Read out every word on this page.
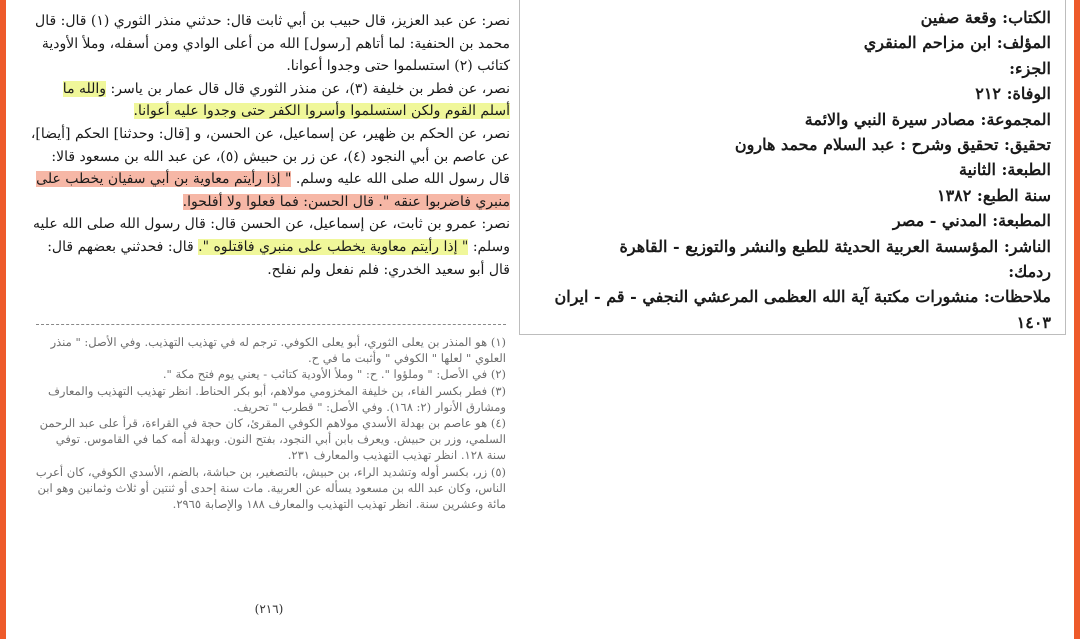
نصر: عن عبد العزيز، قال حبيب بن أبي ثابت قال: حدثني منذر الثوري (١) قال: قال محمد بن الحنفية: لما أتاهم [رسول] الله من أعلى الوادي ومن أسفله، وملأ الأودية كتائب (٢) استسلموا حتى وجدوا أعوانا.

نصر، عن فطر بن خليفة (٣)، عن منذر الثوري قال قال عمار بن ياسر: والله ما أسلم القوم ولكن استسلموا وأسروا الكفر حتى وجدوا عليه أعوانا.

نصر، عن الحكم بن ظهير، عن إسماعيل، عن الحسن، و [قال: وحدثنا] الحكم [أيضا]، عن عاصم بن أبي النجود (٤)، عن زر بن حبيش (٥)، عن عبد الله بن مسعود قالا: قال رسول الله صلى الله عليه وسلم. " إذا رأيتم معاوية بن أبي سفيان يخطب على منبري فاضربوا عنقه ". قال الحسن: فما فعلوا ولا أفلحوا.

نصر: عمرو بن ثابت، عن إسماعيل، عن الحسن قال: قال رسول الله صلى الله عليه وسلم: " إذا رأيتم معاوية يخطب على منبري فاقتلوه ". قال: فحدثني بعضهم قال: قال أبو سعيد الخدري: فلم نفعل ولم نفلح.

(١) هو المنذر بن يعلى الثوري، أبو يعلى الكوفي. ترجم له في تهذيب التهذيب. وفي الأصل: " منذر العلوي " لعلها " الكوفي " وأثبت ما في ح.

(٢) في الأصل: " وملؤوا ". ح: " وملأ الأودية كتائب - يعني يوم فتح مكة ".

(٣) فطر بكسر الفاء، بن خليفة المخزومي مولاهم، أبو بكر الحناط. انظر تهذيب التهذيب والمعارف ومشارق الأنوار (٢: ١٦٨). وفي الأصل: " قطرب " تحريف.

(٤) هو عاصم بن بهدلة الأسدي مولاهم الكوفي المقرئ، كان حجة في القراءة، قرأ على عبد الرحمن السلمي، وزر بن حبيش. ويعرف بابن أبي النجود، بفتح النون. وبهدلة أمه كما في القاموس. توفي سنة ١٢٨. انظر تهذيب التهذيب والمعارف ٢٣١.

(٥) زر، بكسر أوله وتشديد الراء، بن حبيش، بالتصغير، بن حباشة، بالضم، الأسدي الكوفي، كان أعرب الناس، وكان عبد الله بن مسعود يسأله عن العربية. مات سنة إحدى أو ثنتين أو ثلاث وثمانين وهو ابن مائة وعشرين سنة. انظر تهذيب التهذيب والمعارف ١٨٨ والإصابة ٢٩٦٥.

(٢١٦)
الكتاب: وقعة صفين
المؤلف: ابن مزاحم المنقري
الجزء:
الوفاة: ٢١٢
المجموعة: مصادر سيرة النبي والائمة
تحقيق: تحقيق وشرح : عبد السلام محمد هارون
الطبعة: الثانية
سنة الطبع: ١٣٨٢
المطبعة: المدني - مصر
الناشر: المؤسسة العربية الحديثة للطبع والنشر والتوزيع - القاهرة
ردمك:
ملاحظات: منشورات مكتبة آية الله العظمى المرعشي النجفي - قم - ايران
١٤٠٣
